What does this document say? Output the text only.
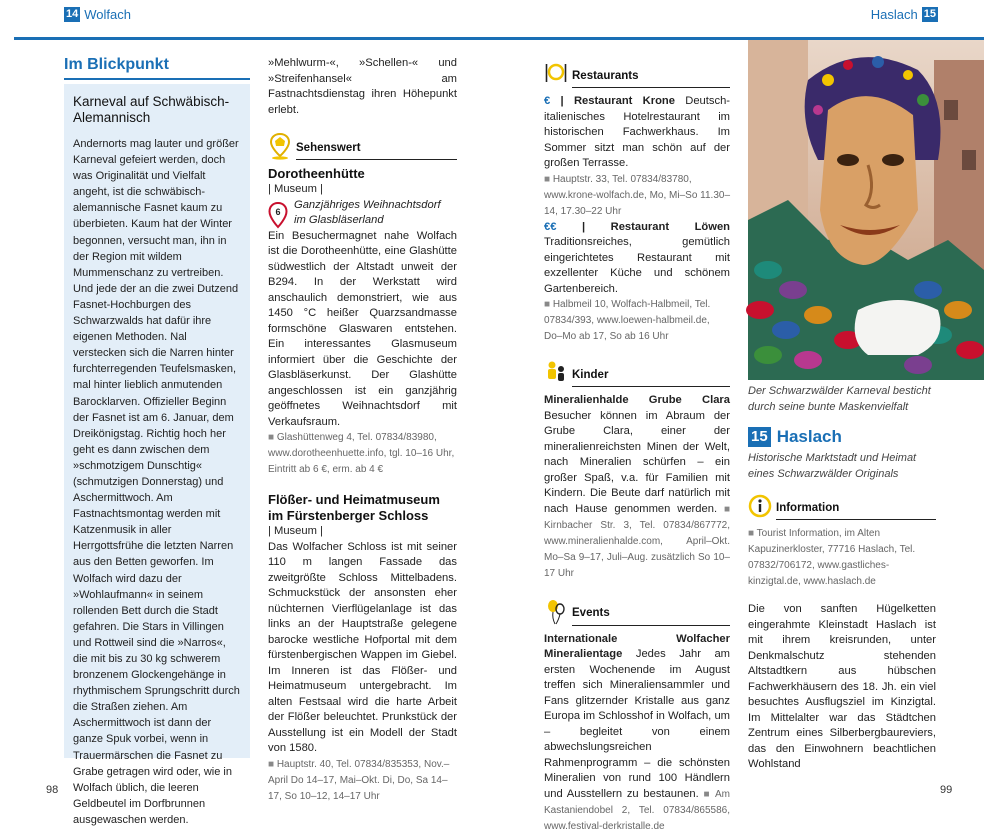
14 Wolfach	Haslach 15
Im Blickpunkt
Karneval auf Schwäbisch-Alemannisch

Andernorts mag lauter und größer Karneval gefeiert werden, doch was Originalität und Vielfalt angeht, ist die schwäbisch-alemannische Fasnet kaum zu überbieten. Kaum hat der Winter begonnen, versucht man, ihn in der Region mit wildem Mummenschanz zu vertreiben. Und jede der an die zwei Dutzend Fasnet-Hochburgen des Schwarzwalds hat dafür ihre eigenen Methoden. Nal verstecken sich die Narren hinter furchterregenden Teufelsmasken, mal hinter lieblich anmutenden Barocklarven. Offizieller Beginn der Fasnet ist am 6. Januar, dem Dreikönigstag. Richtig hoch her geht es dann zwischen dem »schmotzigem Dunschtig« (schmutzigen Donnerstag) und Aschermittwoch. Am Fastnachtsmontag werden mit Katzenmusik in aller Herrgottsfrühe die letzten Narren aus den Betten geworfen. Im Wolfach wird dazu der »Wohlaufmann« in seinem rollenden Bett durch die Stadt gefahren. Die Stars in Villingen und Rottweil sind die »Narros«, die mit bis zu 30 kg schwerem bronzenem Glockengehänge in rhythmischem Sprungschritt durch die Straßen ziehen. Am Aschermittwoch ist dann der ganze Spuk vorbei, wenn in Trauermärschen die Fasnet zu Grabe getragen wird oder, wie in Wolfach üblich, die leeren Geldbeutel im Dorfbrunnen ausgewaschen werden.

»Mehlwurm-«, »Schellen-« und »Streifenhansel« am Fastnachtsdienstag ihren Höhepunkt erlebt.

Sehenswert
Dorotheenhütte
| Museum |
6
Ganzjähriges Weihnachtsdorf
im Glasbläserland

Ein Besuchermagnet nahe Wolfach ist die Dorotheenhütte, eine Glashütte südwestlich der Altstadt unweit der B294. In der Werkstatt wird anschaulich demonstriert, wie aus 1450 °C heißer Quarzsandmasse formschöne Glaswaren entstehen. Ein interessantes Glasmuseum informiert über die Geschichte der Glasbläserkunst. Der Glashütte angeschlossen ist ein ganzjährig geöffnetes Weihnachtsdorf mit Verkaufsraum.

■ Glashüttenweg 4, Tel. 07834/83980, www.dorotheenhuette.info, tgl. 10–16 Uhr, Eintritt ab 6 €, erm. ab 4 €

Flößer- und Heimatmuseum im Fürstenberger Schloss
| Museum |

Das Wolfacher Schloss ist mit seiner 110 m langen Fassade das zweitgrößte Schloss Mittelbadens. Schmuckstück der ansonsten eher nüchternen Vierflügelanlage ist das links an der Hauptstraße gelegene barocke westliche Hofportal mit dem fürstenbergischen Wappen im Giebel. Im Inneren ist das Flößer- und Heimatmuseum untergebracht. Im alten Festsaal wird die harte Arbeit der Flößer beleuchtet. Prunkstück der Ausstellung ist ein Modell der Stadt von 1580.

■ Hauptstr. 40, Tel. 07834/835353, Nov.–April Do 14–17, Mai–Okt. Di, Do, Sa 14–17, So 10–12, 14–17 Uhr

Restaurants

€ | Restaurant Krone Deutsch-italienisches Hotelrestaurant im historischen Fachwerkhaus. Im Sommer sitzt man schön auf der großen Terrasse.

■ Hauptstr. 33, Tel. 07834/83780, www.krone-wolfach.de, Mo, Mi–So 11.30–14, 17.30–22 Uhr

€€ | Restaurant Löwen Traditionsreiches, gemütlich eingerichtetes Restaurant mit exzellenter Küche und schönem Gartenbereich.

■ Halbmeil 10, Wolfach-Halbmeil, Tel. 07834/393, www.loewen-halbmeil.de, Do–Mo ab 17, So ab 16 Uhr

Kinder

Mineralienhalde Grube Clara Besucher können im Abraum der Grube Clara, einer der mineralienreichsten Minen der Welt, nach Mineralien schürfen – ein großer Spaß, v.a. für Familien mit Kindern. Die Beute darf natürlich mit nach Hause genommen werden. ■ Kirnbacher Str. 3, Tel. 07834/867772, www.mineralienhalde.com, April–Okt. Mo–Sa 9–17, Juli–Aug. zusätzlich So 10–17 Uhr

Events

Internationale Wolfacher Mineralientage Jedes Jahr am ersten Wochenende im August treffen sich Mineraliensammler und Fans glitzernder Kristalle aus ganz Europa im Schlosshof in Wolfach, um – begleitet von einem abwechslungsreichen Rahmenprogramm – die schönsten Mineralien von rund 100 Händlern und Ausstellern zu bestaunen. ■ Am Kastaniendobel 2, Tel. 07834/865586, www.festival-derkristalle.de

Der Schwarzwälder Karneval besticht durch seine bunte Maskenvielfalt

15 Haslach

Historische Marktstadt und Heimat eines Schwarzwälder Originals

Information

■ Tourist Information, im Alten Kapuzinerkloster, 77716 Haslach, Tel. 07832/706172, www.gastliches-kinzigtal.de, www.haslach.de

Die von sanften Hügelketten eingerahmte Kleinstadt Haslach ist mit ihrem kreisrunden, unter Denkmalschutz stehenden Altstadtkern aus hübschen Fachwerkhäusern des 18. Jh. ein viel besuchtes Ausflugsziel im Kinzigtal. Im Mittelalter war das Städtchen Zentrum eines Silberbergbaureviers, das den Einwohnern beachtlichen Wohlstand

98	99
